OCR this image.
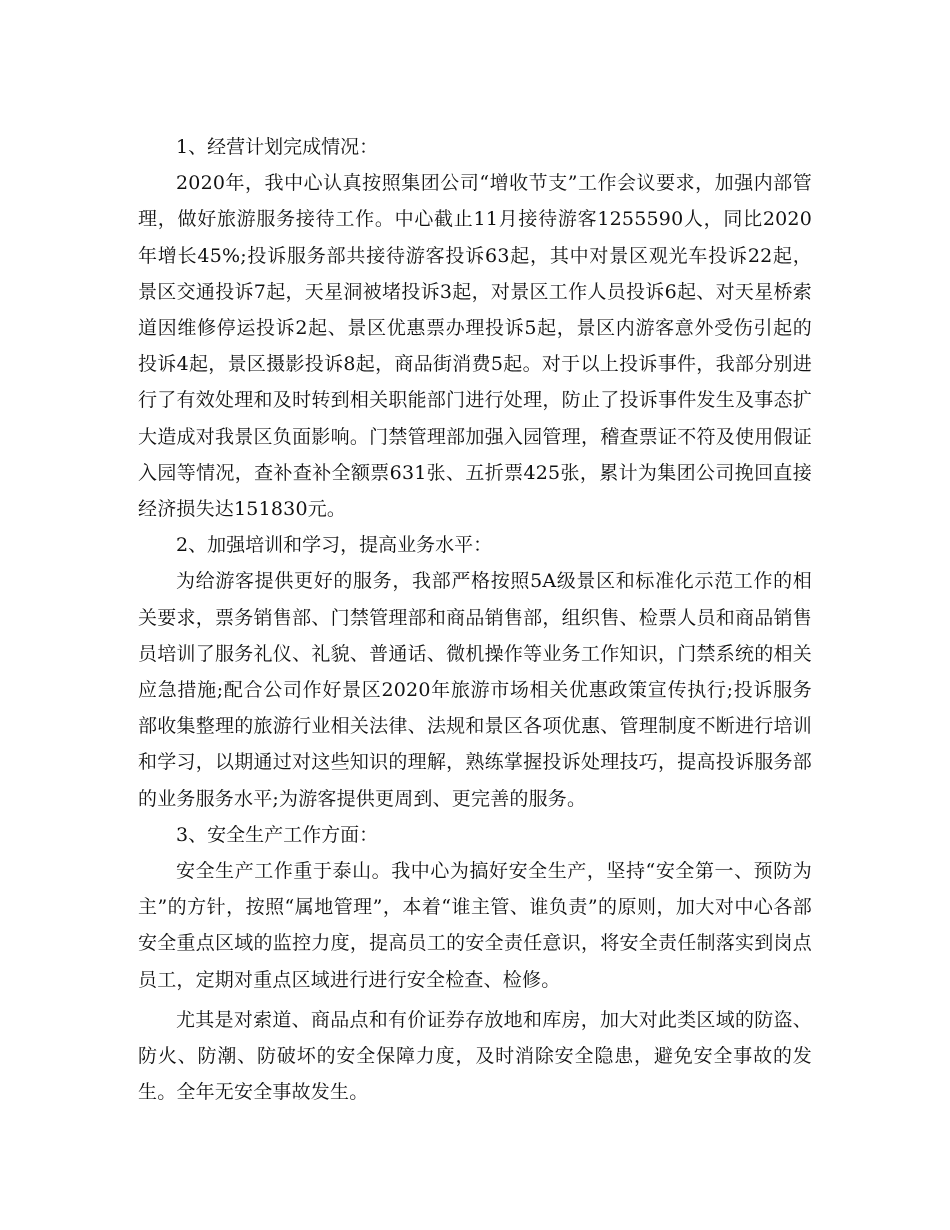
1、经营计划完成情况：

2020年，我中心认真按照集团公司“增收节支”工作会议要求，加强内部管理，做好旅游服务接待工作。中心截止11月接待游客1255590人，同比2020年增长45%;投诉服务部共接待游客投诉63起，其中对景区观光车投诉22起，景区交通投诉7起，天星洞被堵投诉3起，对景区工作人员投诉6起、对天星桥索道因维修停运投诉2起、景区优惠票办理投诉5起，景区内游客意外受伤引起的投诉4起，景区摄影投诉8起，商品街消费5起。对于以上投诉事件，我部分别进行了有效处理和及时转到相关职能部门进行处理，防止了投诉事件发生及事态扩大造成对我景区负面影响。门禁管理部加强入园管理，稽查票证不符及使用假证入园等情况，查补查补全额票631张、五折票425张，累计为集团公司挽回直接经济损失达151830元。

2、加强培训和学习，提高业务水平：

为给游客提供更好的服务，我部严格按照5A级景区和标准化示范工作的相关要求，票务销售部、门禁管理部和商品销售部，组织售、检票人员和商品销售员培训了服务礼仪、礼貌、普通话、微机操作等业务工作知识，门禁系统的相关应急措施;配合公司作好景区2020年旅游市场相关优惠政策宣传执行;投诉服务部收集整理的旅游行业相关法律、法规和景区各项优惠、管理制度不断进行培训和学习，以期通过对这些知识的理解，熟练掌握投诉处理技巧，提高投诉服务部的业务服务水平;为游客提供更周到、更完善的服务。

3、安全生产工作方面：

安全生产工作重于泰山。我中心为搞好安全生产，坚持“安全第一、预防为主”的方针，按照“属地管理”，本着“谁主管、谁负责”的原则，加大对中心各部安全重点区域的监控力度，提高员工的安全责任意识，将安全责任制落实到岗点员工，定期对重点区域进行进行安全检查、检修。

尤其是对索道、商品点和有价证券存放地和库房，加大对此类区域的防盗、防火、防潮、防破坏的安全保障力度，及时消除安全隐患，避免安全事故的发生。全年无安全事故发生。
